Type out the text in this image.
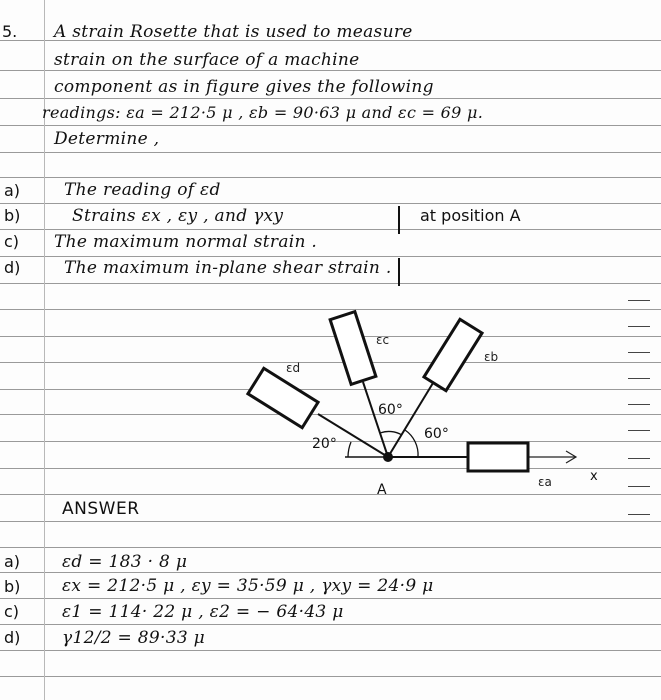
5. A strain Rosette that is used to measure
strain on the surface of a machine
component as in figure gives the following
readings: εa = 212·5 μ , εb = 90·63 μ and εc = 69 μ.
Determine ,
a)	The reading of εd
b)	Strains εx , εy , and γxy	at position A
c) The maximum normal strain .
d)	The maximum in-plane shear strain .
εc
εb
εd
εa
60°
60°
20°
A
x
ANSWER
a) εd = 183 · 8 μ
b) εx = 212·5 μ , εy = 35·59 μ , γxy = 24·9 μ
c)	ε1 = 114· 22 μ , ε2 = − 64·43 μ
d) γ12/2 = 89·33 μ
